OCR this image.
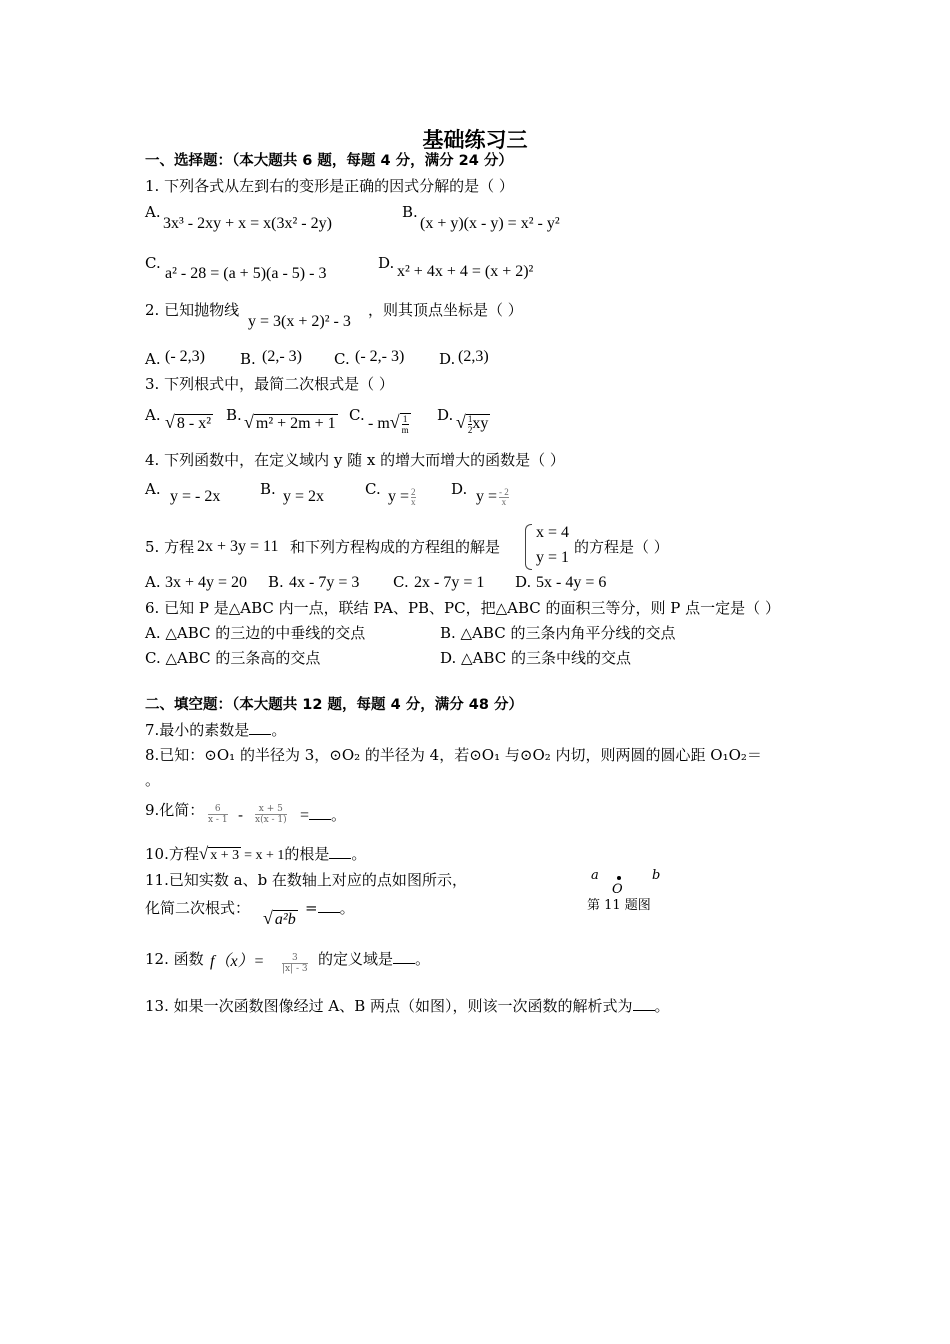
基础练习三
一、选择题：（本大题共 6 题，每题 4 分，满分 24 分）
1. 下列各式从左到右的变形是正确的因式分解的是（ ）
A.
3x³ - 2xy + x = x(3x² - 2y)
B.
(x + y)(x - y) = x² - y²
C.
a² - 28 = (a + 5)(a - 5) - 3
D. x² + 4x + 4 = (x + 2)²
2. 已知抛物线
y = 3(x + 2)² - 3
，则其顶点坐标是（ ）
A. (- 2,3) B. (2,- 3) C. (- 2,- 3) D. (2,3)
3. 下列根式中，最简二次根式是（ ）
A. √ 8 - x² B. √ m² + 2m + 1 C. - $m√ \frac{1}{m} D$. √ $\frac{1}{2}$ xy
4. 下列函数中，在定义域内 y 随 x 的增大而增大的函数是（ ）
A. y = - 2x	B. y = 2x	C. $y = \frac{2}{x} D$. $y = \frac{- 2}{x}$
5. 方程 2x + 3y = 11 和下列方程构成的方程组的解是
x = 4
y = 1
的方程是（ ）
A. 3x + 4y = 20 B. 4x - 7y = 3 C. 2x - 7y = 1 D. 5x - 4y = 6
6. 已知 P 是△ABC 内一点，联结 PA、PB、PC，把△ABC 的面积三等分，则 P 点一定是（ ）
A. △ABC 的三边的中垂线的交点	B. △ABC 的三条内角平分线的交点
C. △ABC 的三条高的交点	D. △ABC 的三条中线的交点
二、填空题：（本大题共 12 题，每题 4 分，满分 48 分）
7.最小的素数是 。
8.已知：⊙O₁ 的半径为 3，⊙O₂ 的半径为 4，若⊙O₁ 与⊙O₂ 内切，则两圆的圆心距 O₁O₂＝
。
9.化简： $\frac{6}{x - 1} - \frac{x + 5}{x(x - 1)}$ = 。
10.方程√ x + 3 = x + 1的根是 。
11.已知实数 a、b 在数轴上对应的点如图所示，
化简二次根式： √ a²b
= 。
a
O
b
第 11 题图
12. 函数 $f(x)= \frac{3}{|x| - 3}$ 的定义域是 。
13. 如果一次函数图像经过 A、B 两点（如图），则该一次函数的解析式为 。
